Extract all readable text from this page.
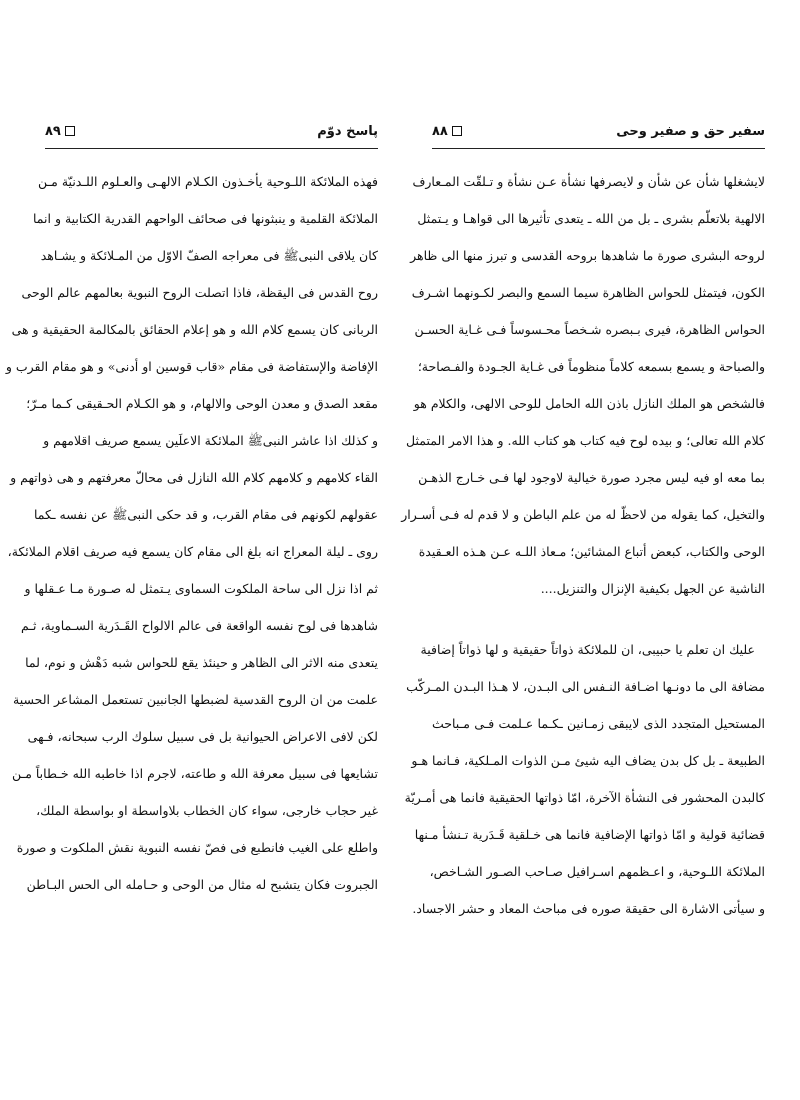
پاسخ دوّم
۸۹
فهذه الملائكة اللـوحية يأخـذون الكـلام الالهـى والعـلوم اللـدنيّة مـن
الملائكة القلمية و ينبثونها فى صحائف الواحهم القدرية الكتابية و انما
كان يلاقى النبىﷺ فى معراجه الصفّ الاوّل من المـلائكة و يشـاهد
روح القدس فى اليقظة، فاذا اتصلت الروح النبوية بعالمهم عالم الوحى
الربانى كان يسمع كلام الله و هو إعلام الحقائق بالمكالمة الحقيقية و هى
الإفاضة والإستفاضة فى مقام «قاب قوسين او أدنى» و هو مقام القرب و
مقعد الصدق و معدن الوحى والالهام، و هو الكـلام الحـقيقى كـما مـرّ؛
و كذلك اذا عاشر النبىﷺ الملائكة الاعلَين يسمع صريف اقلامهم و
القاء كلامهم و كلامهم كلام الله النازل فى محالّ معرفتهم و هى ذواتهم و
عقولهم لكونهم فى مقام القرب، و قد حكى النبىﷺ عن نفسه ـكما
روى ـ ليلة المعراج انه بلغ الى مقام كان يسمع فيه صريف اقلام الملائكة،
ثم اذا نزل الى ساحة الملكوت السماوى يـتمثل له صـورة مـا عـقلها و
شاهدها فى لوح نفسه الواقعة فى عالم الالواح القَـدَرية السـماوية، ثـم
يتعدى منه الاثر الى الظاهر و حينئذ يقع للحواس شبه دَهْش و نوم، لما
علمت من ان الروح القدسية لضبطها الجانبين تستعمل المشاعر الحسية
لكن لافى الاعراض الحيوانية بل فى سبيل سلوك الرب سبحانه، فـهى
تشايعها فى سبيل معرفة الله و طاعته، لاجرم اذا خاطبه الله خـطاباً مـن
غير حجاب خارجى، سواء كان الخطاب بلاواسطة او بواسطة الملك،
واطلع على الغيب فانطبع فى فصّ نفسه النبوية نقش الملكوت و صورة
الجبروت فكان يتشبح له مثال من الوحى و حـامله الى الحس البـاطن
سفير حق و صفير وحى
۸۸
لايشغلها شأن عن شأن و لايصرفها نشأة عـن نشأة و تـلقّت المـعارف
الالهية بلاتعلّم بشرى ـ بل من الله ـ يتعدى تأثيرها الى قواهـا و يـتمثل
لروحه البشرى صورة ما شاهدها بروحه القدسى و تبرز منها الى ظاهر
الكون، فيتمثل للحواس الظاهرة سيما السمع والبصر لكـونهما اشـرف
الحواس الظاهرة، فيرى بـبصره شـخصاً محـسوساً فـى غـاية الحسـن
والصباحة و يسمع بسمعه كلاماً منظوماً فى غـاية الجـودة والفـصاحة؛
فالشخص هو الملك النازل باذن الله الحامل للوحى الالهى، والكلام هو
كلام الله تعالى؛ و بيده لوح فيه كتاب هو كتاب الله. و هذا الامر المتمثل
بما معه او فيه ليس مجرد صورة خيالية لاوجود لها فـى خـارج الذهـن
والتخيل، كما يقوله من لاحظّ له من علم الباطن و لا قدم له فـى أسـرار
الوحى والكتاب، كبعض أتباع المشائين؛ مـعاذ اللـه عـن هـذه العـقيدة
الناشية عن الجهل بكيفية الإنزال والتنزيل....
عليك ان تعلم يا حبيبى، ان للملائكة ذواتاً حقيقية و لها ذواتاً إضافية
مضافة الى ما دونـها اضـافة النـفس الى البـدن، لا هـذا البـدن المـركّب
المستحيل المتجدد الذى لايبقى زمـانين ـكـما عـلمت فـى مـباحث
الطبيعة ـ بل كل بدن يضاف اليه شيئ مـن الذوات المـلكية، فـانما هـو
كالبدن المحشور فى النشأة الآخرة، امّا ذواتها الحقيقية فانما هى أمـريّة
قضائية قولية و امّا ذواتها الإضافية فانما هى خـلقية قَـدَرية تـنشأ مـنها
الملائكة اللـوحية، و اعـظمهم اسـرافيل صـاحب الصـور الشـاخص،
و سيأتى الاشارة الى حقيقة صوره فى مباحث المعاد و حشر الاجساد.
